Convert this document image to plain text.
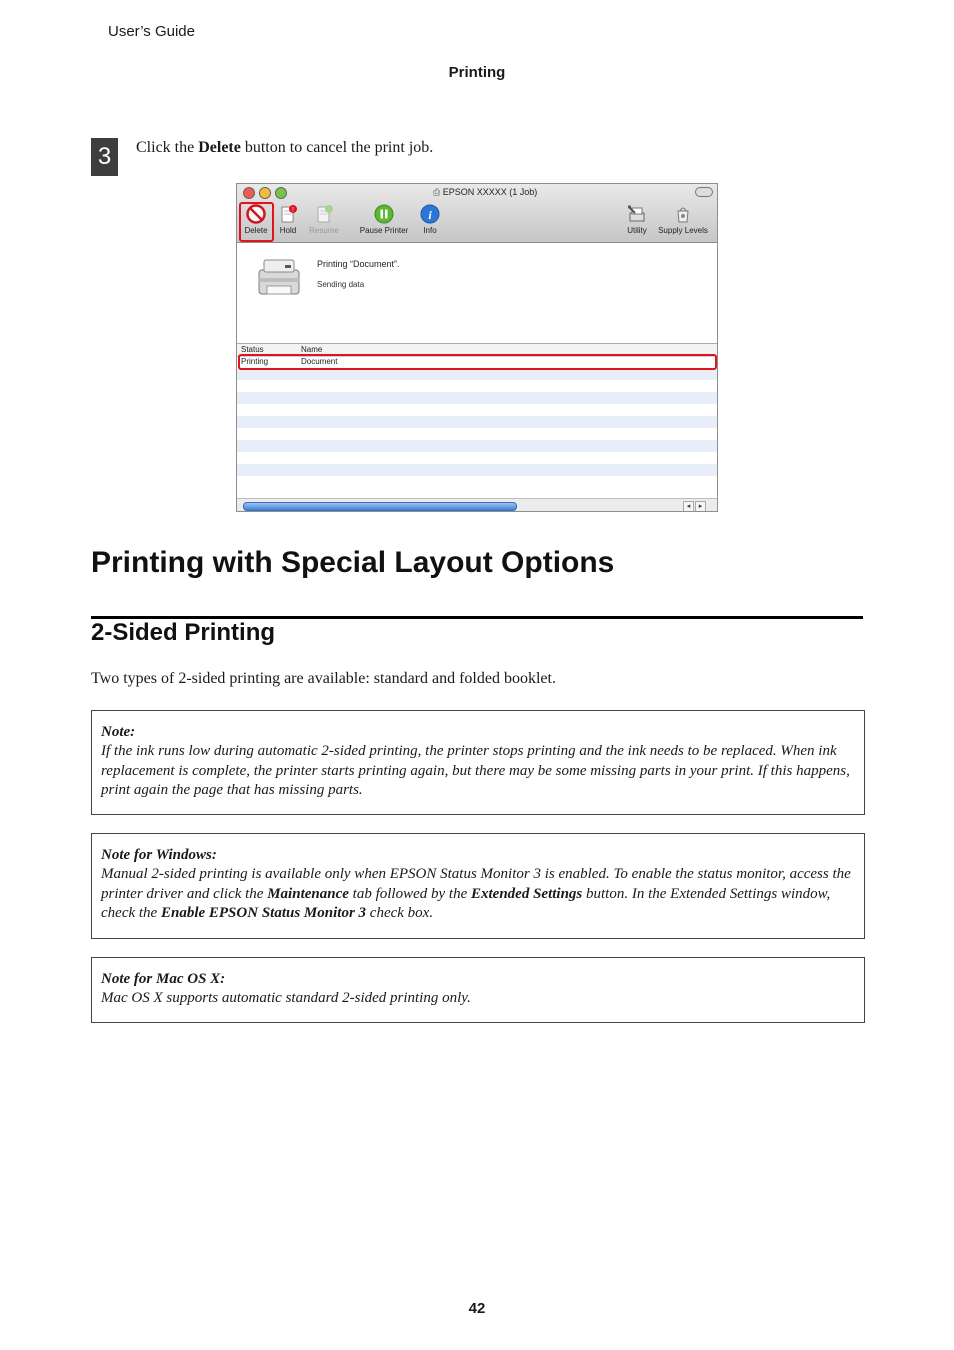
User’s Guide
Printing
3	Click the Delete button to cancel the print job.
⎙ EPSON XXXXX (1 Job)
Delete
!
Hold	Resume	Pause Printer
i
Info	Utility	Supply Levels
Printing “Document”.
Sending data
Status	Name
Printing	Document
◂	▸
Printing with Special Layout Options
2-Sided Printing
Two types of 2-sided printing are available: standard and folded booklet.
Note:
If the ink runs low during automatic 2-sided printing, the printer stops printing and the ink needs to be replaced. When ink replacement is complete, the printer starts printing again, but there may be some missing parts in your print. If this happens, print again the page that has missing parts.
Note for Windows:
Manual 2-sided printing is available only when EPSON Status Monitor 3 is enabled. To enable the status monitor, access the printer driver and click the Maintenance tab followed by the Extended Settings button. In the Extended Settings window, check the Enable EPSON Status Monitor 3 check box.
Note for Mac OS X:
Mac OS X supports automatic standard 2-sided printing only.
42
